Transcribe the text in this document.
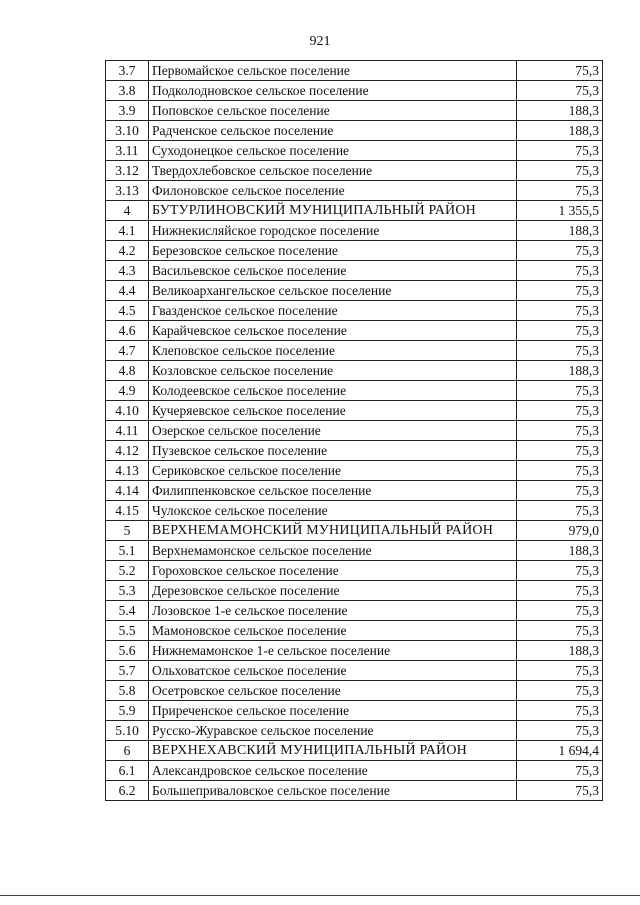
921
3.7	Первомайское сельское поселение	75,3
3.8	Подколодновское сельское поселение	75,3
3.9	Поповское сельское поселение	188,3
3.10	Радченское сельское поселение	188,3
3.11	Суходонецкое сельское поселение	75,3
3.12	Твердохлебовское сельское поселение	75,3
3.13	Филоновское сельское поселение	75,3
4	БУТУРЛИНОВСКИЙ МУНИЦИПАЛЬНЫЙ РАЙОН	1 355,5
4.1	Нижнекисляйское городское поселение	188,3
4.2	Березовское сельское поселение	75,3
4.3	Васильевское сельское поселение	75,3
4.4	Великоархангельское сельское поселение	75,3
4.5	Гвазденское сельское поселение	75,3
4.6	Карайчевское сельское поселение	75,3
4.7	Клеповское сельское поселение	75,3
4.8	Козловское сельское поселение	188,3
4.9	Колодеевское сельское поселение	75,3
4.10	Кучеряевское сельское поселение	75,3
4.11	Озерское сельское поселение	75,3
4.12	Пузевское сельское поселение	75,3
4.13	Сериковское сельское поселение	75,3
4.14	Филиппенковское сельское поселение	75,3
4.15	Чулокское сельское поселение	75,3
5	ВЕРХНЕМАМОНСКИЙ МУНИЦИПАЛЬНЫЙ РАЙОН	979,0
5.1	Верхнемамонское сельское поселение	188,3
5.2	Гороховское сельское поселение	75,3
5.3	Дерезовское сельское поселение	75,3
5.4	Лозовское 1-е сельское поселение	75,3
5.5	Мамоновское сельское поселение	75,3
5.6	Нижнемамонское 1-е сельское поселение	188,3
5.7	Ольховатское сельское поселение	75,3
5.8	Осетровское сельское поселение	75,3
5.9	Приреченское сельское поселение	75,3
5.10	Русско-Журавское сельское поселение	75,3
6	ВЕРХНЕХАВСКИЙ МУНИЦИПАЛЬНЫЙ РАЙОН	1 694,4
6.1	Александровское сельское поселение	75,3
6.2	Большеприваловское сельское поселение	75,3
